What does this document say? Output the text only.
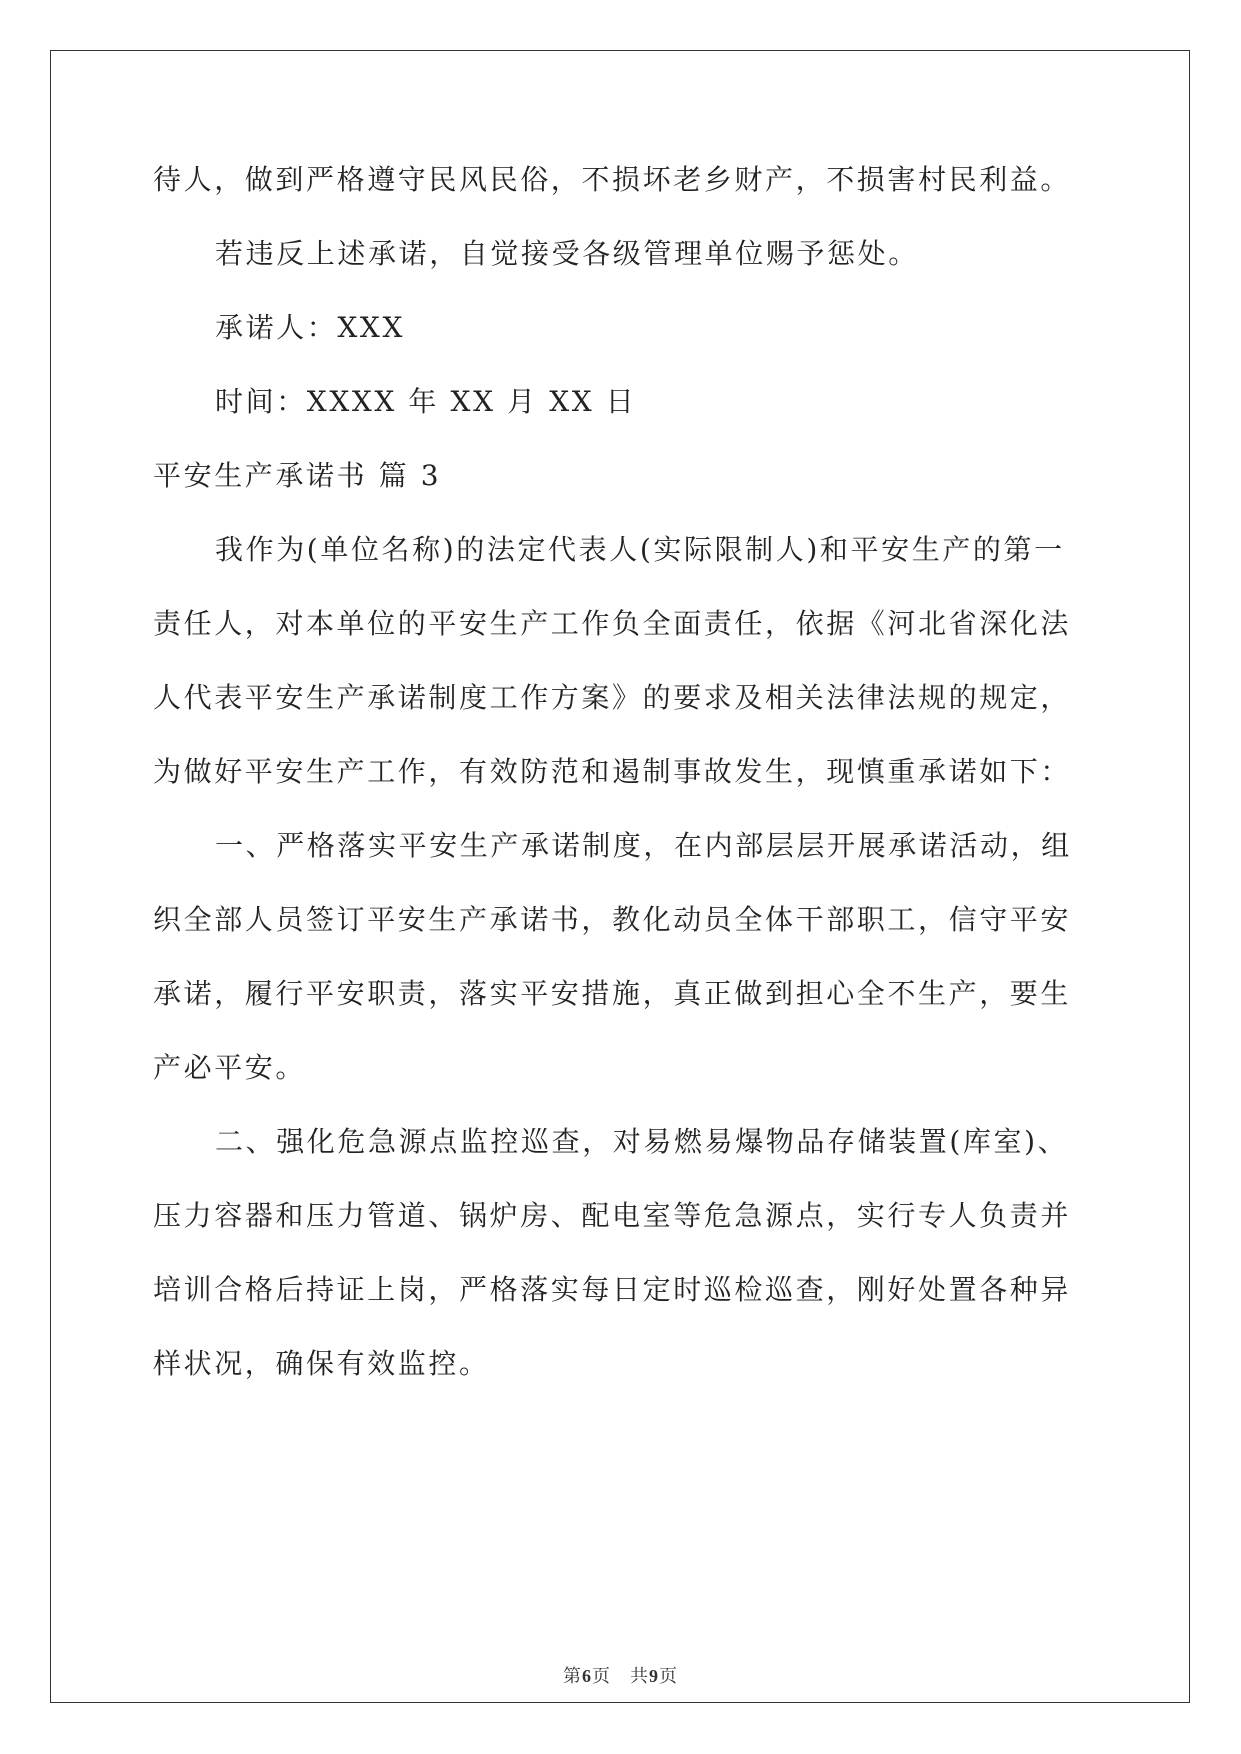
待人，做到严格遵守民风民俗，不损坏老乡财产，不损害村民利益。

若违反上述承诺，自觉接受各级管理单位赐予惩处。

承诺人：XXX

时间：XXXX 年 XX 月 XX 日

平安生产承诺书 篇 3

我作为(单位名称)的法定代表人(实际限制人)和平安生产的第一

责任人，对本单位的平安生产工作负全面责任，依据《河北省深化法

人代表平安生产承诺制度工作方案》的要求及相关法律法规的规定，

为做好平安生产工作，有效防范和遏制事故发生，现慎重承诺如下：

一、严格落实平安生产承诺制度，在内部层层开展承诺活动，组

织全部人员签订平安生产承诺书，教化动员全体干部职工，信守平安

承诺，履行平安职责，落实平安措施，真正做到担心全不生产，要生

产必平安。

二、强化危急源点监控巡查，对易燃易爆物品存储装置(库室)、

压力容器和压力管道、锅炉房、配电室等危急源点，实行专人负责并

培训合格后持证上岗，严格落实每日定时巡检巡查，刚好处置各种异

样状况，确保有效监控。

第6页　共9页
